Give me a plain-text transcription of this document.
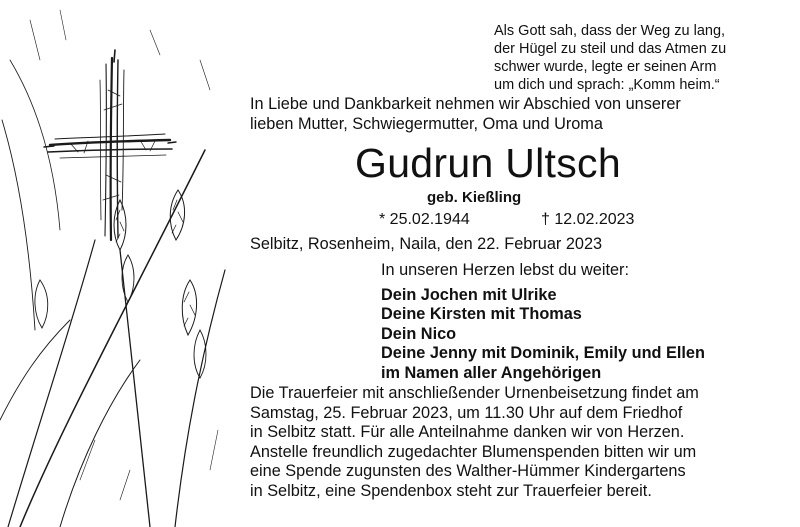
Als Gott sah, dass der Weg zu lang,
der Hügel zu steil und das Atmen zu
schwer wurde, legte er seinen Arm
um dich und sprach: „Komm heim.“
In Liebe und Dankbarkeit nehmen wir Abschied von unserer
lieben Mutter, Schwiegermutter, Oma und Uroma
Gudrun Ultsch
geb. Kießling
* 25.02.1944	† 12.02.2023
Selbitz, Rosenheim, Naila, den 22. Februar 2023
In unseren Herzen lebst du weiter:
Dein Jochen mit Ulrike
Deine Kirsten mit Thomas
Dein Nico
Deine Jenny mit Dominik, Emily und Ellen
im Namen aller Angehörigen
Die Trauerfeier mit anschließender Urnenbeisetzung findet am
Samstag, 25. Februar 2023, um 11.30 Uhr auf dem Friedhof
in Selbitz statt. Für alle Anteilnahme danken wir von Herzen.
Anstelle freundlich zugedachter Blumenspenden bitten wir um
eine Spende zugunsten des Walther-Hümmer Kindergartens
in Selbitz, eine Spendenbox steht zur Trauerfeier bereit.
